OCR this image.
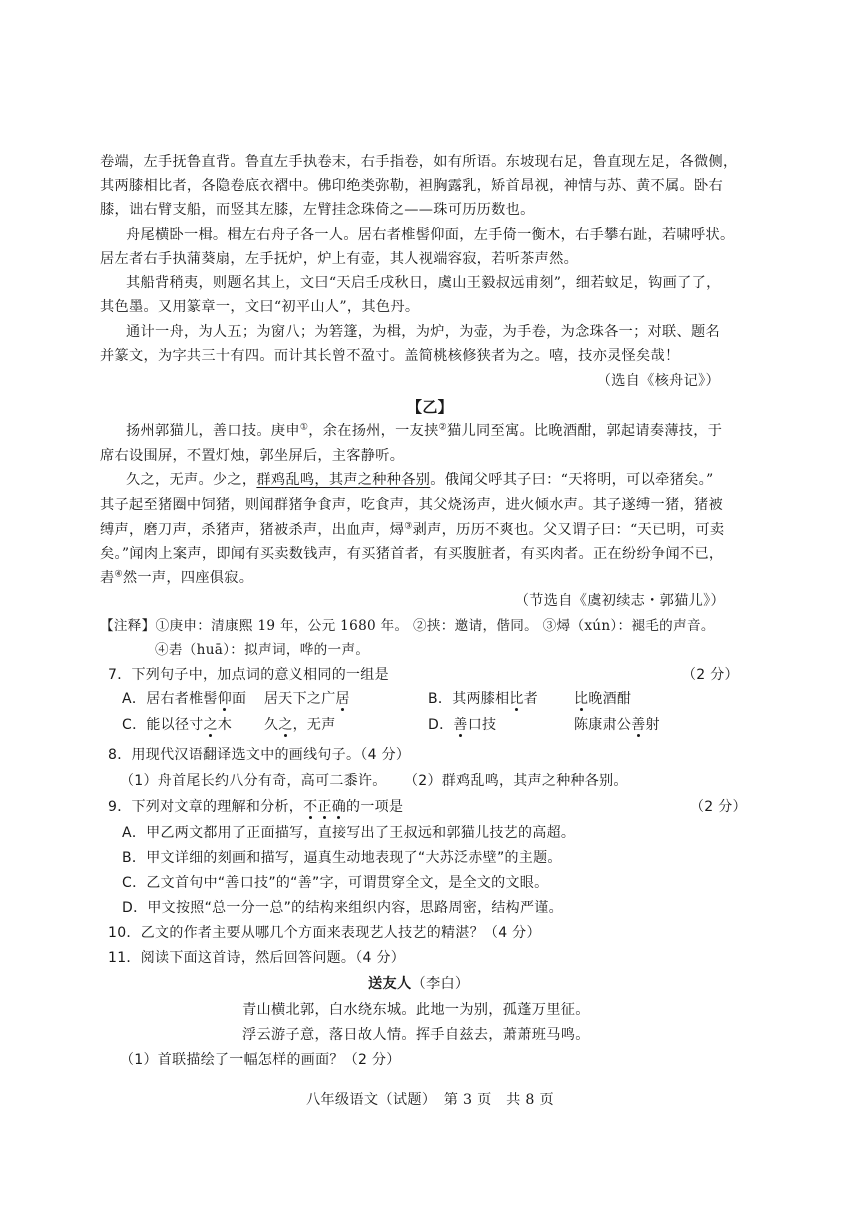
卷端，左手抚鲁直背。鲁直左手执卷末，右手指卷，如有所语。东坡现右足，鲁直现左足，各微侧，
其两膝相比者，各隐卷底衣褶中。佛印绝类弥勒，袒胸露乳，矫首昂视，神情与苏、黄不属。卧右
膝，诎右臂支船，而竖其左膝，左臂挂念珠倚之——珠可历历数也。
舟尾横卧一楫。楫左右舟子各一人。居右者椎髻仰面，左手倚一衡木，右手攀右趾，若啸呼状。
居左者右手执蒲葵扇，左手抚炉，炉上有壶，其人视端容寂，若听茶声然。
其船背稍夷，则题名其上，文曰“天启壬戌秋日，虞山王毅叔远甫刻”，细若蚊足，钩画了了，
其色墨。又用篆章一，文曰“初平山人”，其色丹。
通计一舟，为人五；为窗八；为箬篷，为楫，为炉，为壶，为手卷，为念珠各一；对联、题名
并篆文，为字共三十有四。而计其长曾不盈寸。盖简桃核修狭者为之。嘻，技亦灵怪矣哉！
（选自《核舟记》）
【乙】
扬州郭猫儿，善口技。庚申①，余在扬州，一友挟②猫儿同至寓。比晚酒酣，郭起请奏薄技，于
席右设围屏，不置灯烛，郭坐屏后，主客静听。
久之，无声。少之，群鸡乱鸣，其声之种种各别。俄闻父呼其子曰：“天将明，可以牵猪矣。”
其子起至猪圈中饲猪，则闻群猪争食声，吃食声，其父烧汤声，进火倾水声。其子遂缚一猪，猪被
缚声，磨刀声，杀猪声，猪被杀声，出血声，燖③剥声，历历不爽也。父又谓子曰：“天已明，可卖
矣。”闻肉上案声，即闻有买卖数钱声，有买猪首者，有买腹脏者，有买肉者。正在纷纷争闻不已，
砉④然一声，四座俱寂。
（节选自《虞初续志・郭猫儿》）
【注释】①庚申：清康熙 19 年，公元 1680 年。 ②挟：邀请，偕同。 ③燖（xún）：褪毛的声音。
④砉（huā）：拟声词，哗的一声。
7．下列句子中，加点词的意义相同的一组是	（2 分）
A．居右者椎髻仰面 居天下之广居	B．其两膝相比者	比晚酒酣
C．能以径寸之木 久之，无声	D．善口技	陈康肃公善射
8．用现代汉语翻译选文中的画线句子。（4 分）
（1）舟首尾长约八分有奇，高可二黍许。 （2）群鸡乱鸣，其声之种种各别。
9．下列对文章的理解和分析，不正确的一项是	（2 分）
A．甲乙两文都用了正面描写，直接写出了王叔远和郭猫儿技艺的高超。
B．甲文详细的刻画和描写，逼真生动地表现了“大苏泛赤壁”的主题。
C．乙文首句中“善口技”的“善”字，可谓贯穿全文，是全文的文眼。
D．甲文按照“总一分一总”的结构来组织内容，思路周密，结构严谨。
10．乙文的作者主要从哪几个方面来表现艺人技艺的精湛？（4 分）
11．阅读下面这首诗，然后回答问题。（4 分）
送友人（李白）
青山横北郭，白水绕东城。此地一为别，孤蓬万里征。
浮云游子意，落日故人情。挥手自兹去，萧萧班马鸣。
（1）首联描绘了一幅怎样的画面？（2 分）
八年级语文（试题）　第 3 页　共 8 页
